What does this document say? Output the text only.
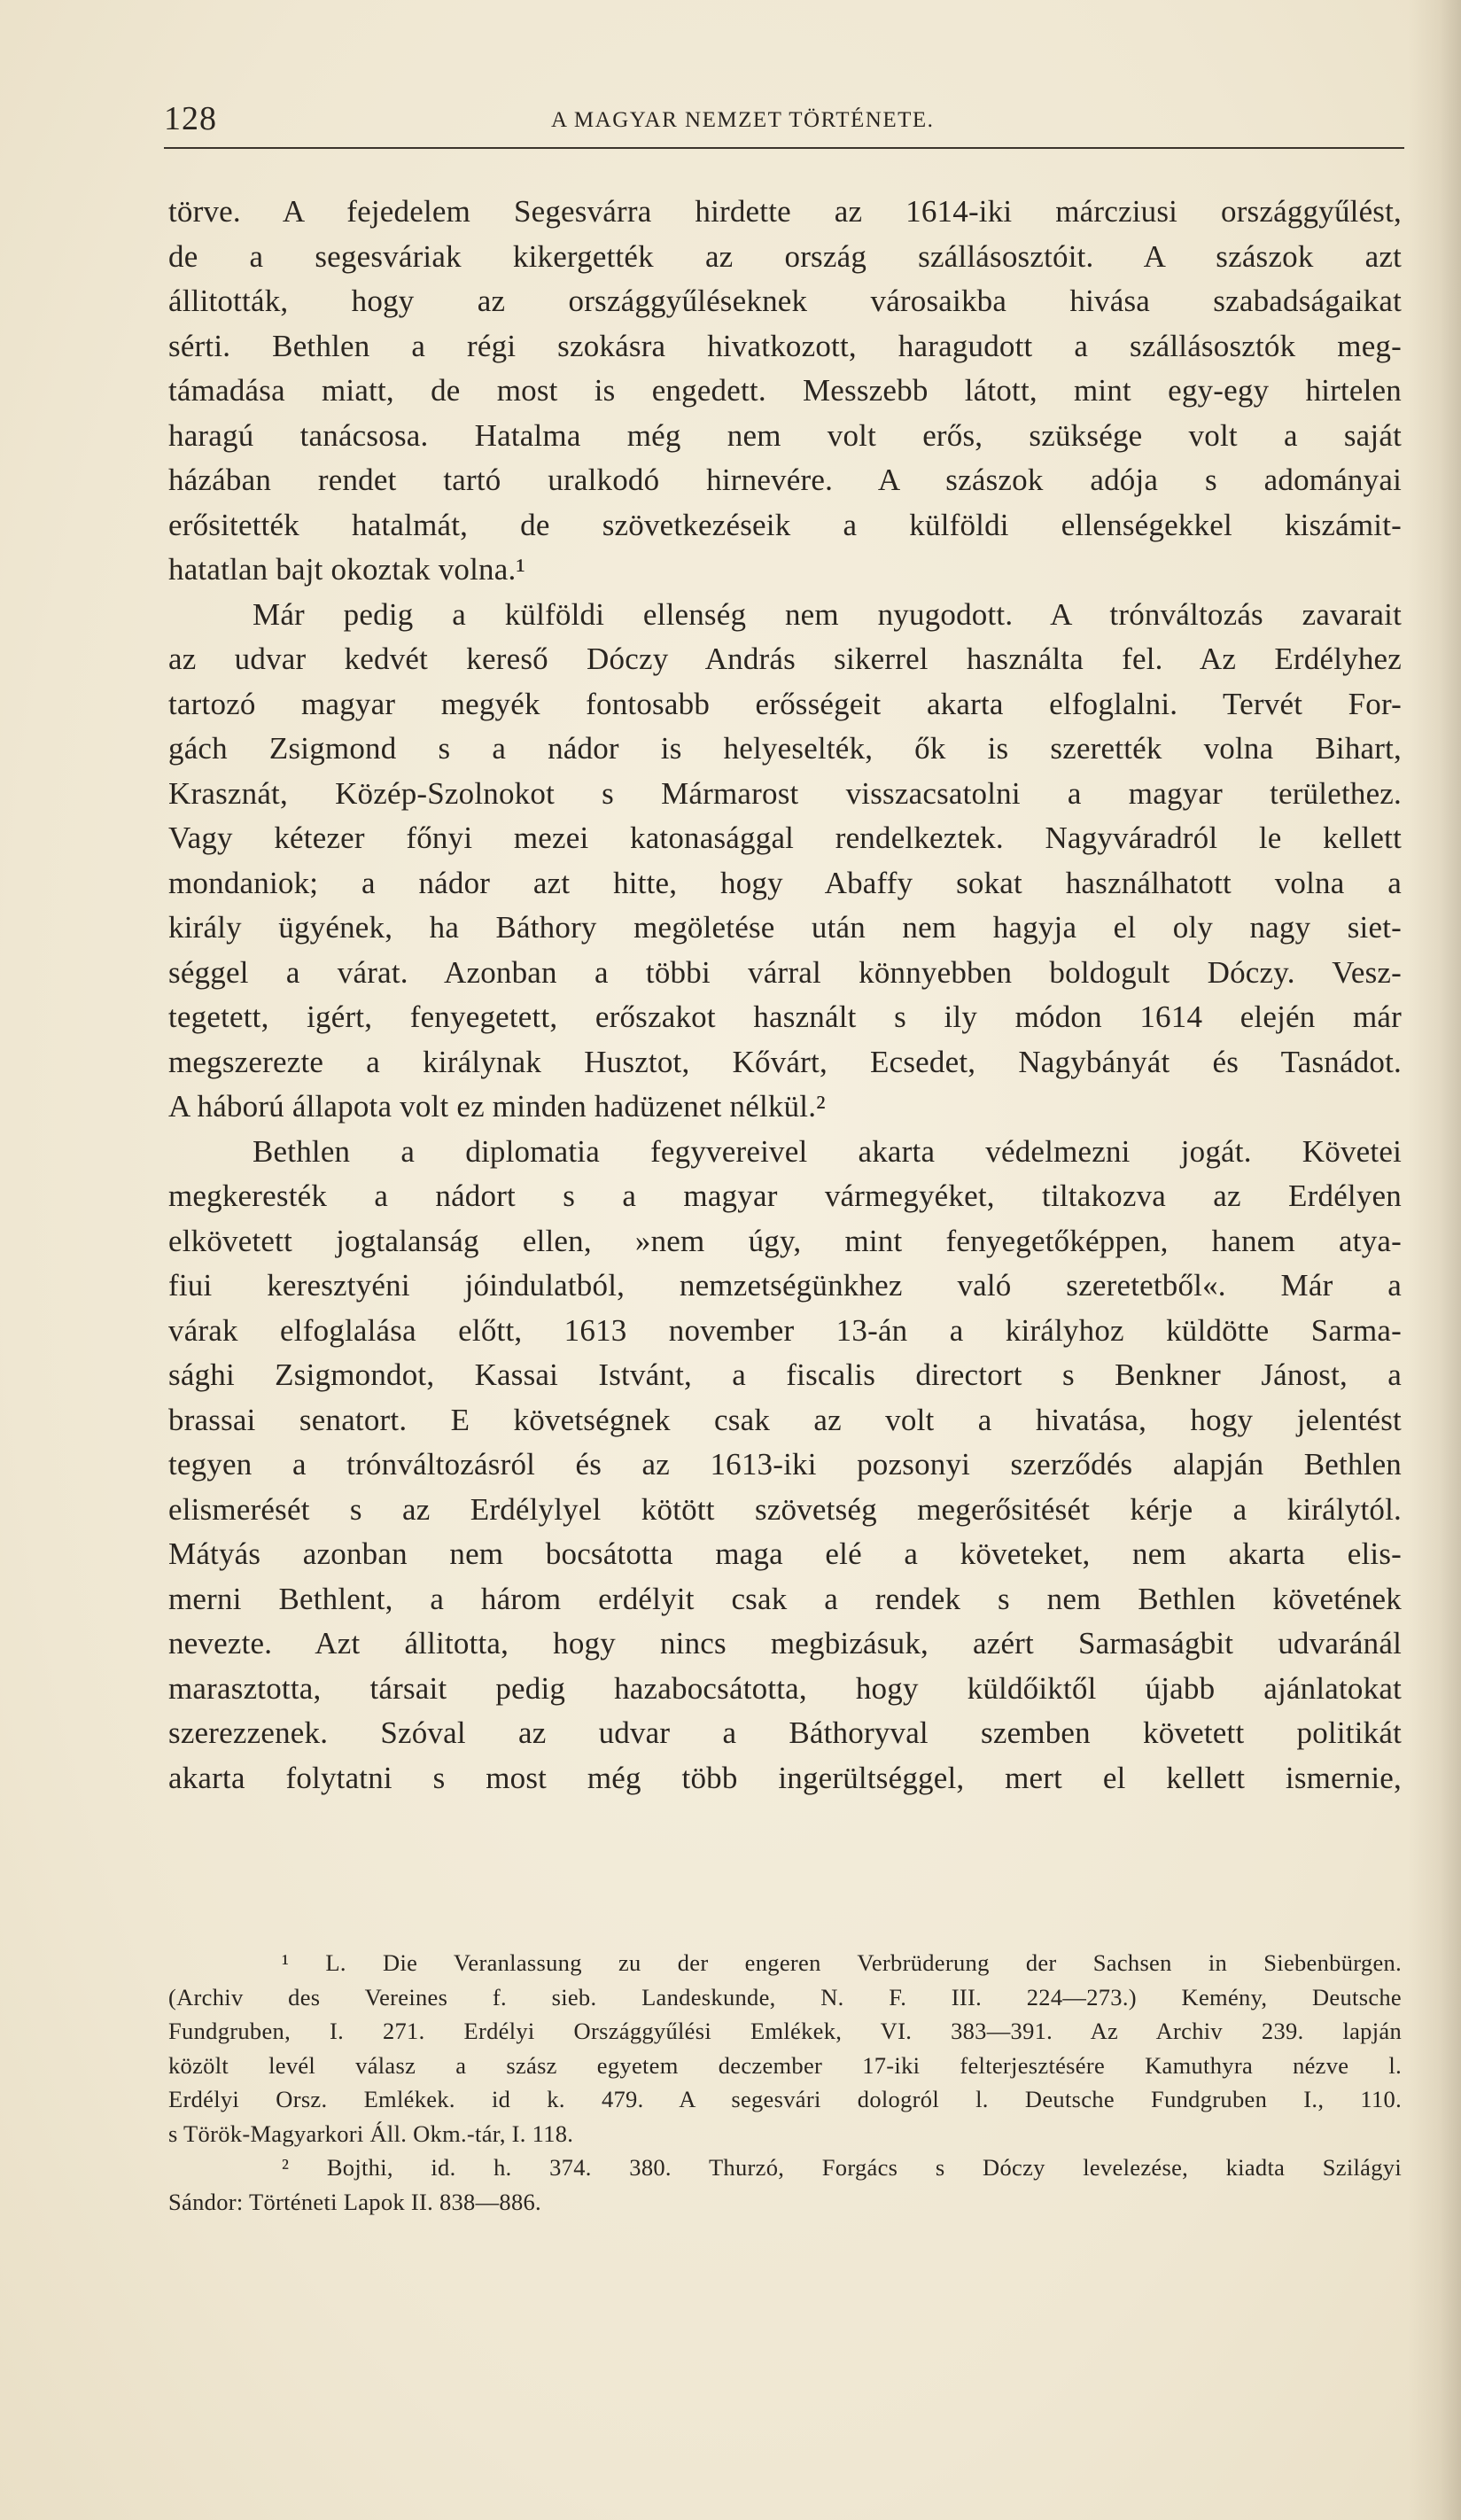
128	A MAGYAR NEMZET TÖRTÉNETE.
törve. A fejedelem Segesvárra hirdette az 1614-iki márcziusi országgyűlést,
de a segesváriak kikergették az ország szállásosztóit. A szászok azt
állitották, hogy az országgyűléseknek városaikba hivása szabadságaikat
sérti. Bethlen a régi szokásra hivatkozott, haragudott a szállásosztók meg-
támadása miatt, de most is engedett. Messzebb látott, mint egy-egy hirtelen
haragú tanácsosa. Hatalma még nem volt erős, szüksége volt a saját
házában rendet tartó uralkodó hirnevére. A szászok adója s adományai
erősitették hatalmát, de szövetkezéseik a külföldi ellenségekkel kiszámit-
hatatlan bajt okoztak volna.¹
Már pedig a külföldi ellenség nem nyugodott. A trónváltozás zavarait
az udvar kedvét kereső Dóczy András sikerrel használta fel. Az Erdélyhez
tartozó magyar megyék fontosabb erősségeit akarta elfoglalni. Tervét For-
gách Zsigmond s a nádor is helyeselték, ők is szerették volna Bihart,
Krasznát, Közép-Szolnokot s Mármarost visszacsatolni a magyar területhez.
Vagy kétezer főnyi mezei katonasággal rendelkeztek. Nagyváradról le kellett
mondaniok; a nádor azt hitte, hogy Abaffy sokat használhatott volna a
király ügyének, ha Báthory megöletése után nem hagyja el oly nagy siet-
séggel a várat. Azonban a többi várral könnyebben boldogult Dóczy. Vesz-
tegetett, igért, fenyegetett, erőszakot használt s ily módon 1614 elején már
megszerezte a királynak Husztot, Kővárt, Ecsedet, Nagybányát és Tasnádot.
A háború állapota volt ez minden hadüzenet nélkül.²
Bethlen a diplomatia fegyvereivel akarta védelmezni jogát. Követei
megkeresték a nádort s a magyar vármegyéket, tiltakozva az Erdélyen
elkövetett jogtalanság ellen, »nem úgy, mint fenyegetőképpen, hanem atya-
fiui keresztyéni jóindulatból, nemzetségünkhez való szeretetből«. Már a
várak elfoglalása előtt, 1613 november 13-án a királyhoz küldötte Sarma-
sághi Zsigmondot, Kassai Istvánt, a fiscalis directort s Benkner Jánost, a
brassai senatort. E követségnek csak az volt a hivatása, hogy jelentést
tegyen a trónváltozásról és az 1613-iki pozsonyi szerződés alapján Bethlen
elismerését s az Erdélylyel kötött szövetség megerősitését kérje a királytól.
Mátyás azonban nem bocsátotta maga elé a követeket, nem akarta elis-
merni Bethlent, a három erdélyit csak a rendek s nem Bethlen követének
nevezte. Azt állitotta, hogy nincs megbizásuk, azért Sarmaságbit udvaránál
marasztotta, társait pedig hazabocsátotta, hogy küldőiktől újabb ajánlatokat
szerezzenek. Szóval az udvar a Báthoryval szemben követett politikát
akarta folytatni s most még több ingerültséggel, mert el kellett ismernie,
¹ L. Die Veranlassung zu der engeren Verbrüderung der Sachsen in Siebenbürgen.
(Archiv des Vereines f. sieb. Landeskunde, N. F. III. 224—273.) Kemény, Deutsche
Fundgruben, I. 271. Erdélyi Országgyűlési Emlékek, VI. 383—391. Az Archiv 239. lapján
közölt levél válasz a szász egyetem deczember 17-iki felterjesztésére Kamuthyra nézve l.
Erdélyi Orsz. Emlékek. id k. 479. A segesvári dologról l. Deutsche Fundgruben I., 110.
s Török-Magyarkori Áll. Okm.-tár, I. 118.
² Bojthi, id. h. 374. 380. Thurzó, Forgács s Dóczy levelezése, kiadta Szilágyi
Sándor: Történeti Lapok II. 838—886.
